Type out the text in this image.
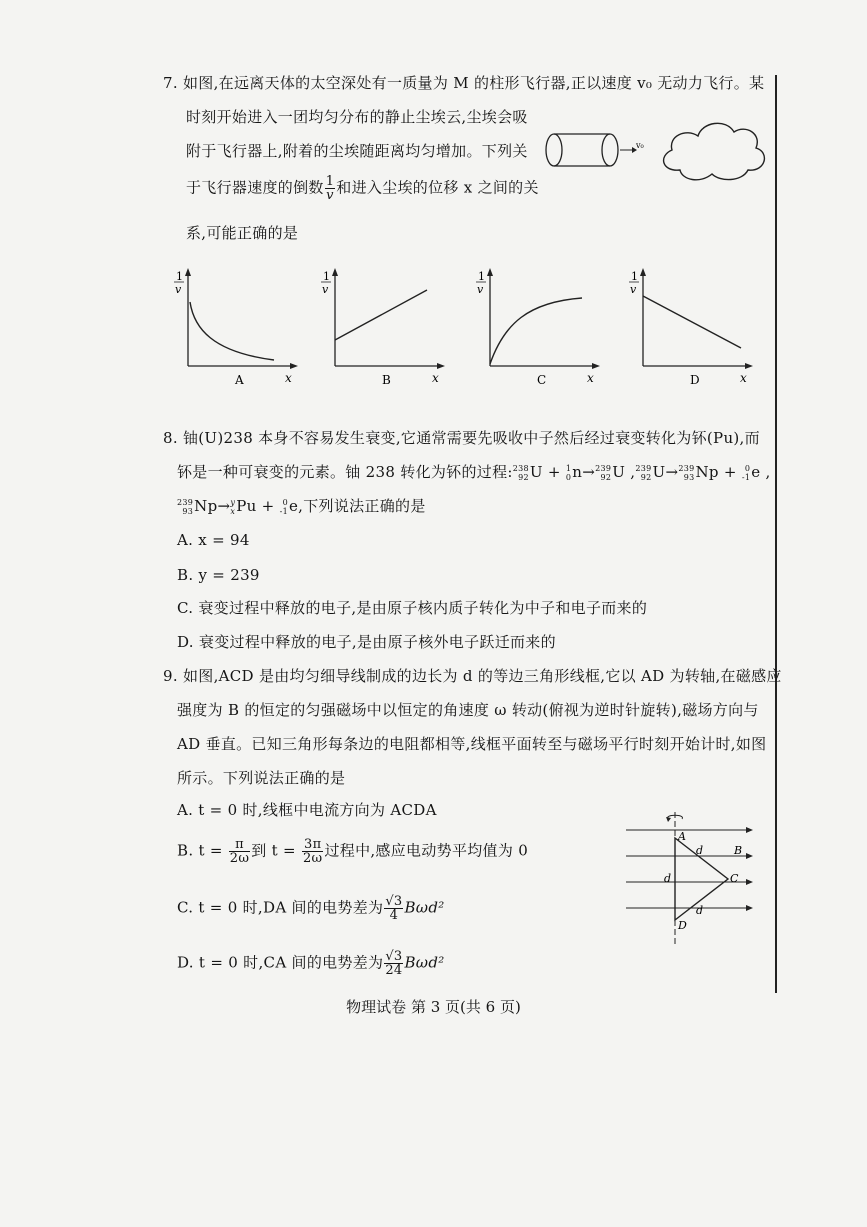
7. 如图,在远离天体的太空深处有一质量为 M 的柱形飞行器,正以速度 v₀ 无动力飞行。某
时刻开始进入一团均匀分布的静止尘埃云,尘埃会吸
附于飞行器上,附着的尘埃随距离均匀增加。下列关
于飞行器速度的倒数 $\frac{1}{v}$ 和进入尘埃的位移 x 之间的关
系,可能正确的是
v₀
1
v
x
A
1
v
x
B
1
v
x
C
1
v
x
D
8. 铀(U)238 本身不容易发生衰变,它通常需要先吸收中子然后经过衰变转化为钚(Pu),而
钚是一种可衰变的元素。铀 238 转化为钚的过程: 238
92 U + 1
0 n→ 239
92 U , 239
92 U→ 239
93 Np + 0
-1 e ,
239
93 Np→ y
x Pu + 0
-1 e,下列说法正确的是
A. x = 94
B. y = 239
C. 衰变过程中释放的电子,是由原子核内质子转化为中子和电子而来的
D. 衰变过程中释放的电子,是由原子核外电子跃迁而来的
9. 如图,ACD 是由均匀细导线制成的边长为 d 的等边三角形线框,它以 AD 为转轴,在磁感应
强度为 B 的恒定的匀强磁场中以恒定的角速度 ω 转动(俯视为逆时针旋转),磁场方向与
AD 垂直。已知三角形每条边的电阻都相等,线框平面转至与磁场平行时刻开始计时,如图
所示。下列说法正确的是
A. t = 0 时,线框中电流方向为 ACDA
B. $t = \frac{\pi}{2\omega}$ 到 $t = \frac{3\pi}{2\omega}$ 过程中,感应电动势平均值为 0
C. t = 0 时,DA 间的电势差为 $\frac{√3}{4} B\omega d^2$
D. t = 0 时,CA 间的电势差为 $\frac{√3}{24} B\omega d^2$
A
B
C
D
d
d
d
物理试卷 第 3 页(共 6 页)
